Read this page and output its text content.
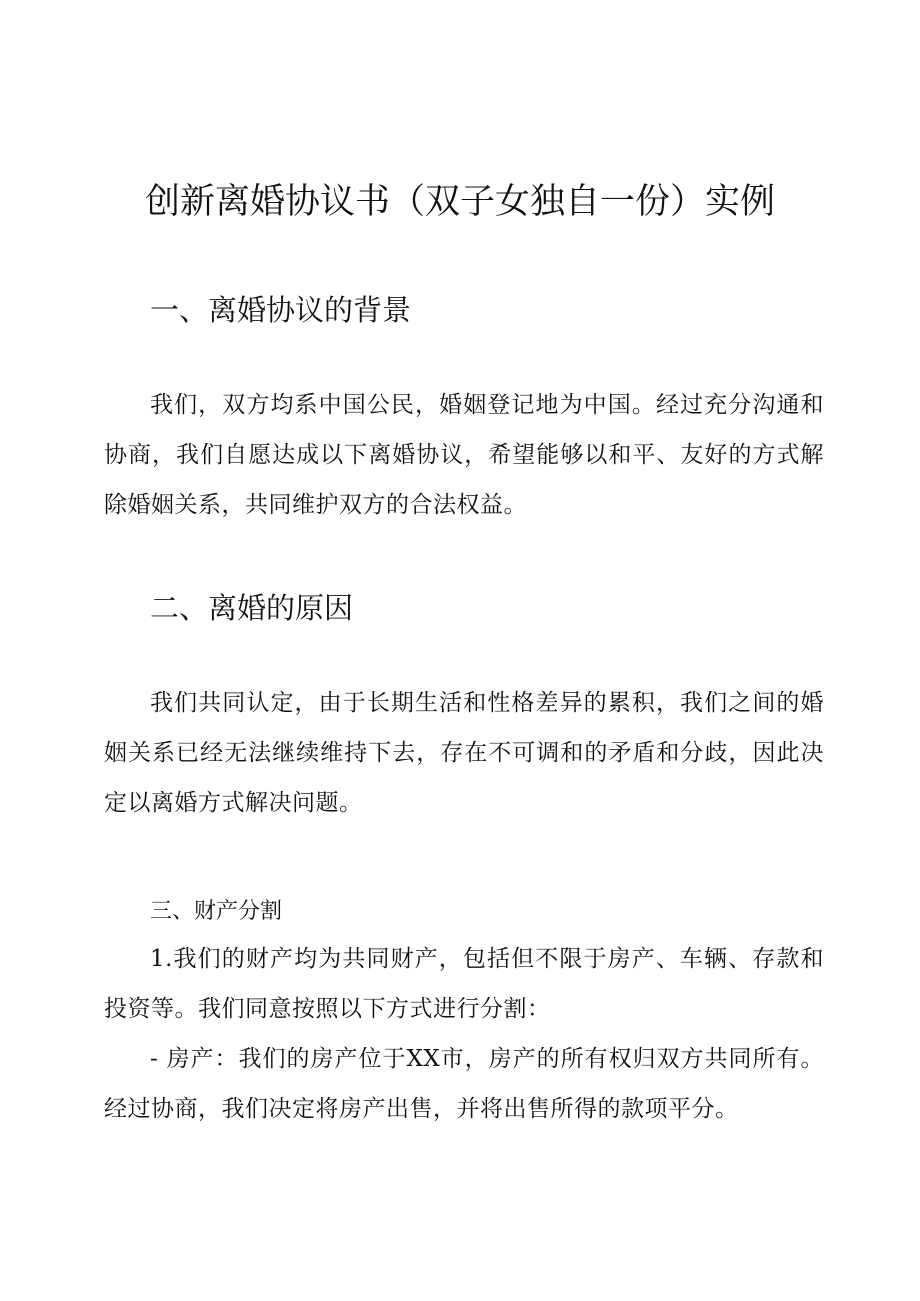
创新离婚协议书（双子女独自一份）实例
一、离婚协议的背景

我们，双方均系中国公民，婚姻登记地为中国。经过充分沟通和协商，我们自愿达成以下离婚协议，希望能够以和平、友好的方式解除婚姻关系，共同维护双方的合法权益。

二、离婚的原因

我们共同认定，由于长期生活和性格差异的累积，我们之间的婚姻关系已经无法继续维持下去，存在不可调和的矛盾和分歧，因此决定以离婚方式解决问题。

三、财产分割

1.我们的财产均为共同财产，包括但不限于房产、车辆、存款和投资等。我们同意按照以下方式进行分割：

- 房产：我们的房产位于XX市，房产的所有权归双方共同所有。经过协商，我们决定将房产出售，并将出售所得的款项平分。
